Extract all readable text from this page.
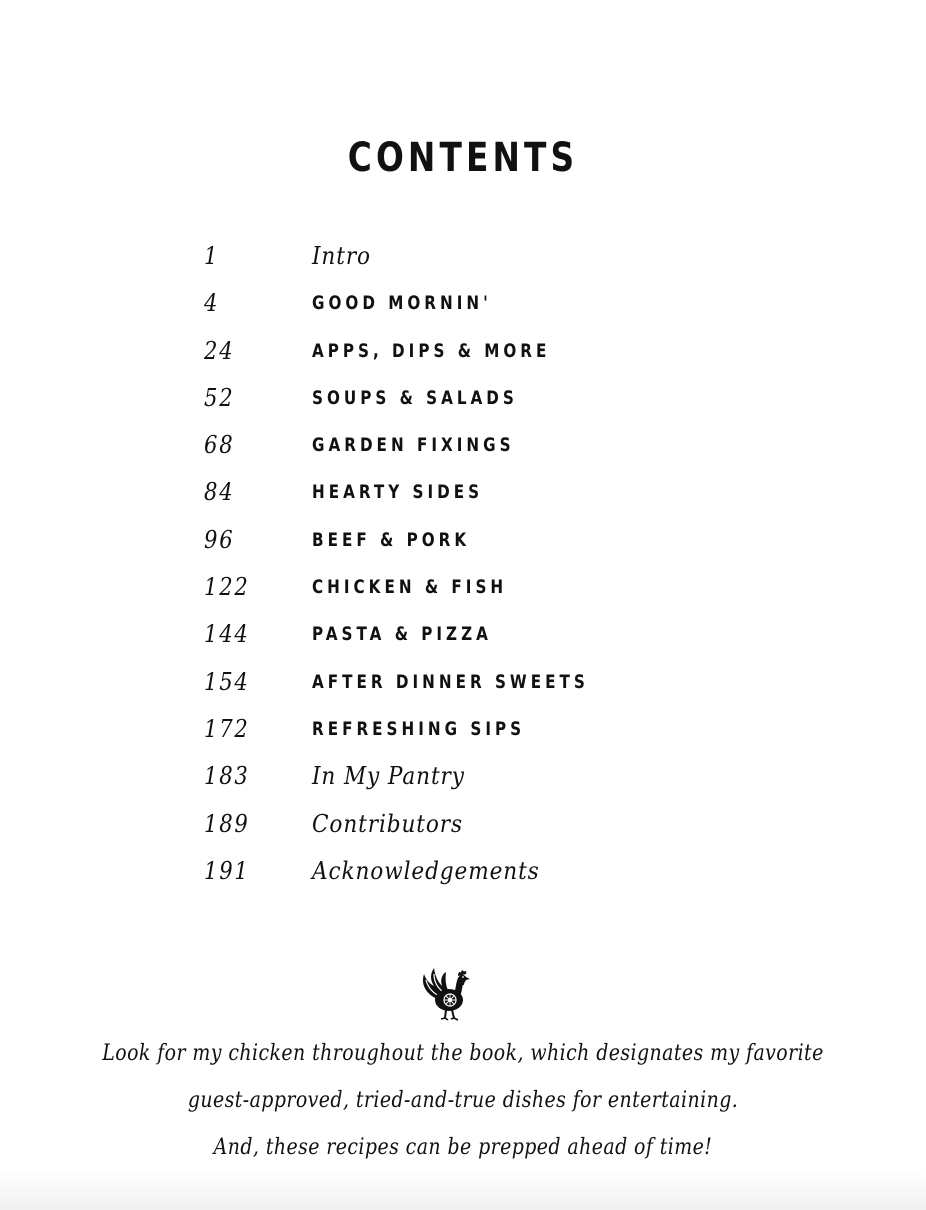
CONTENTS
1	Intro
4	GOOD MORNIN'
24	APPS, DIPS & MORE
52	SOUPS & SALADS
68	GARDEN FIXINGS
84	HEARTY SIDES
96	BEEF & PORK
122	CHICKEN & FISH
144	PASTA & PIZZA
154	AFTER DINNER SWEETS
172	REFRESHING SIPS
183	In My Pantry
189	Contributors
191	Acknowledgements
Look for my chicken throughout the book, which designates my favorite
guest-approved, tried-and-true dishes for entertaining.
And, these recipes can be prepped ahead of time!
